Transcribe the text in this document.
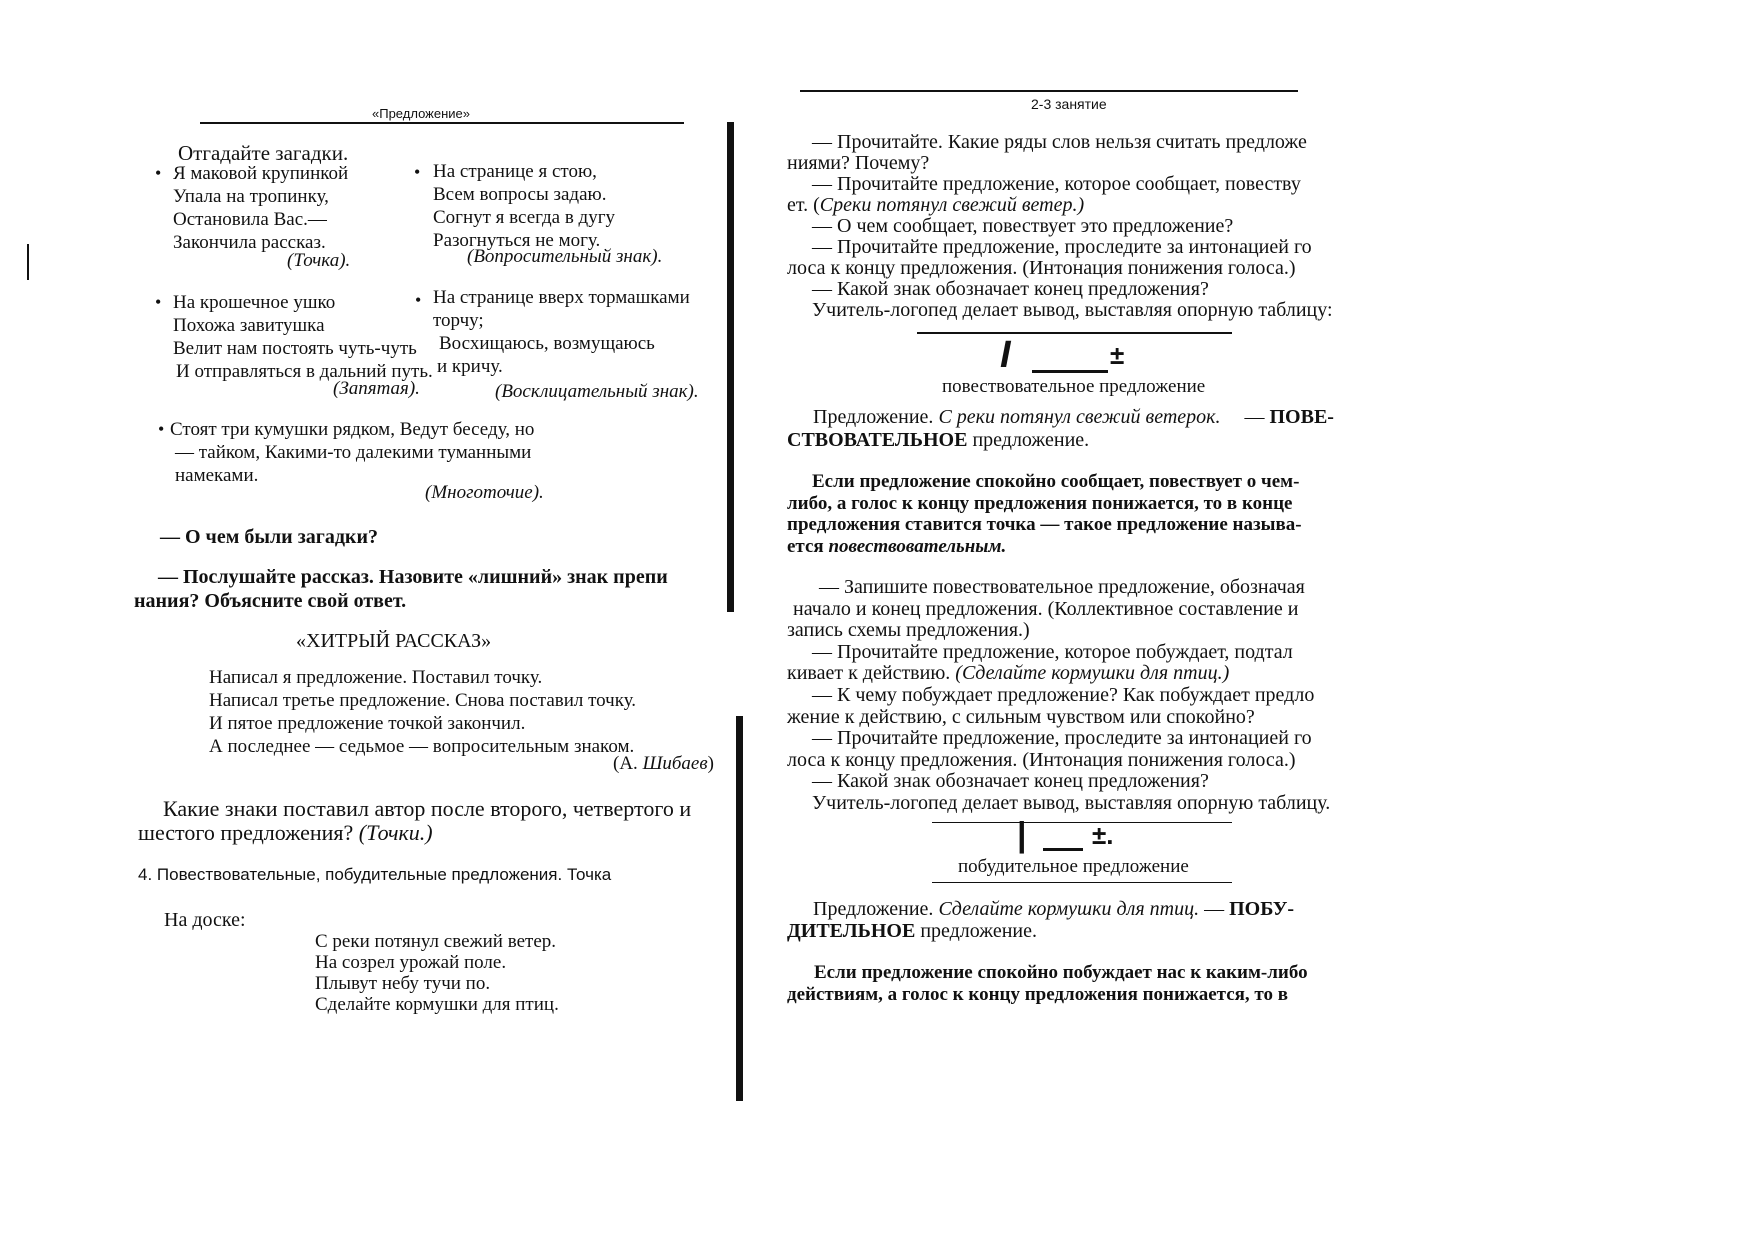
«Предложение»
Отгадайте загадки.
• Я маковой крупинкой
Упала на тропинку,
Остановила Вас.—
Закончила рассказ.
(Точка).
• На странице я стою,
Всем вопросы задаю.
Согнут я всегда в дугу
Разогнуться не могу.
(Вопросительный знак).
• На крошечное ушко
Похожа завитушка
Велит нам постоять чуть-чуть
И отправляться в дальний путь.
(Запятая).
• На странице вверх тормашками
торчу;
Восхищаюсь, возмущаюсь
и кричу.
(Восклицательный знак).
• Стоят три кумушки рядком, Ведут беседу, но
— тайком, Какими-то далекими туманными
намеками.
(Многоточие).
— О чем были загадки?
— Послушайте рассказ. Назовите «лишний» знак препи
нания? Объясните свой ответ.
«ХИТРЫЙ РАССКАЗ»
Написал я предложение. Поставил точку.
Написал третье предложение. Снова поставил точку.
И пятое предложение точкой закончил.
А последнее — седьмое — вопросительным знаком.
(А. Шибаев)
Какие знаки поставил автор после второго, четвертого и
шестого предложения? (Точки.)
4. Повествовательные, побудительные предложения. Точка
На доске:
С реки потянул свежий ветер.
На созрел урожай поле.
Плывут небу тучи по.
Сделайте кормушки для птиц.
2-3 занятие
— Прочитайте. Какие ряды слов нельзя считать предложе
ниями? Почему?
— Прочитайте предложение, которое сообщает, повеству
ет. (Среки потянул свежий ветер.)
— О чем сообщает, повествует это предложение?
— Прочитайте предложение, проследите за интонацией го
лоса к концу предложения. (Интонация понижения голоса.)
— Какой знак обозначает конец предложения?
Учитель-логопед делает вывод, выставляя опорную таблицу:
I	±
повествовательное предложение
Предложение. С реки потянул свежий ветерок. — ПОВЕ-
СТВОВАТЕЛЬНОЕ предложение.
Если предложение спокойно сообщает, повествует о чем-
либо, а голос к концу предложения понижается, то в конце
предложения ставится точка — такое предложение называ-
ется повествовательным.
— Запишите повествовательное предложение, обозначая
начало и конец предложения. (Коллективное составление и
запись схемы предложения.)
— Прочитайте предложение, которое побуждает, подтал
кивает к действию. (Сделайте кормушки для птиц.)
— К чему побуждает предложение? Как побуждает предло
жение к действию, с сильным чувством или спокойно?
— Прочитайте предложение, проследите за интонацией го
лоса к концу предложения. (Интонация понижения голоса.)
— Какой знак обозначает конец предложения?
Учитель-логопед делает вывод, выставляя опорную таблицу.
|	±.
побудительное предложение
Предложение. Сделайте кормушки для птиц. — ПОБУ-
ДИТЕЛЬНОЕ предложение.
Если предложение спокойно побуждает нас к каким-либо
действиям, а голос к концу предложения понижается, то в
